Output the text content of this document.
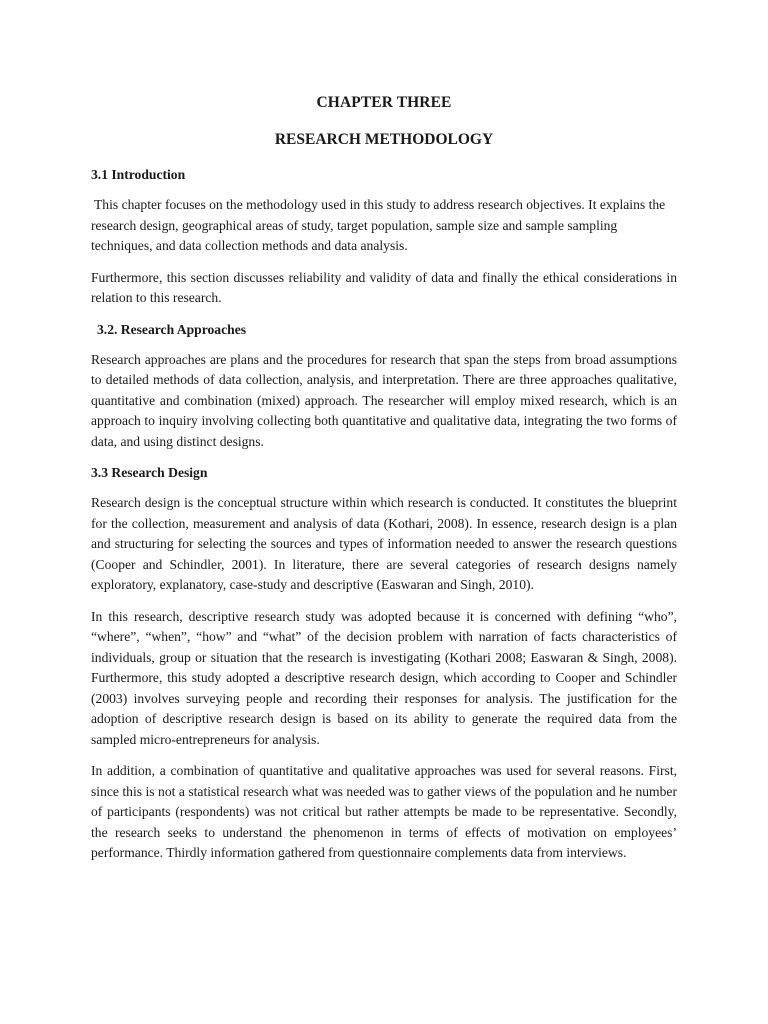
CHAPTER THREE
RESEARCH METHODOLOGY
3.1 Introduction

This chapter focuses on the methodology used in this study to address research objectives. It explains the research design, geographical areas of study, target population, sample size and sample sampling techniques, and data collection methods and data analysis.

Furthermore, this section discusses reliability and validity of data and finally the ethical considerations in relation to this research.

3.2. Research Approaches

Research approaches are plans and the procedures for research that span the steps from broad assumptions to detailed methods of data collection, analysis, and interpretation. There are three approaches qualitative, quantitative and combination (mixed) approach. The researcher will employ mixed research, which is an approach to inquiry involving collecting both quantitative and qualitative data, integrating the two forms of data, and using distinct designs.

3.3 Research Design

Research design is the conceptual structure within which research is conducted. It constitutes the blueprint for the collection, measurement and analysis of data (Kothari, 2008). In essence, research design is a plan and structuring for selecting the sources and types of information needed to answer the research questions (Cooper and Schindler, 2001). In literature, there are several categories of research designs namely exploratory, explanatory, case-study and descriptive (Easwaran and Singh, 2010).

In this research, descriptive research study was adopted because it is concerned with defining “who”, “where”, “when”, “how” and “what” of the decision problem with narration of facts characteristics of individuals, group or situation that the research is investigating (Kothari 2008; Easwaran & Singh, 2008). Furthermore, this study adopted a descriptive research design, which according to Cooper and Schindler (2003) involves surveying people and recording their responses for analysis. The justification for the adoption of descriptive research design is based on its ability to generate the required data from the sampled micro-entrepreneurs for analysis.

In addition, a combination of quantitative and qualitative approaches was used for several reasons. First, since this is not a statistical research what was needed was to gather views of the population and he number of participants (respondents) was not critical but rather attempts be made to be representative. Secondly, the research seeks to understand the phenomenon in terms of effects of motivation on employees’ performance. Thirdly information gathered from questionnaire complements data from interviews.
